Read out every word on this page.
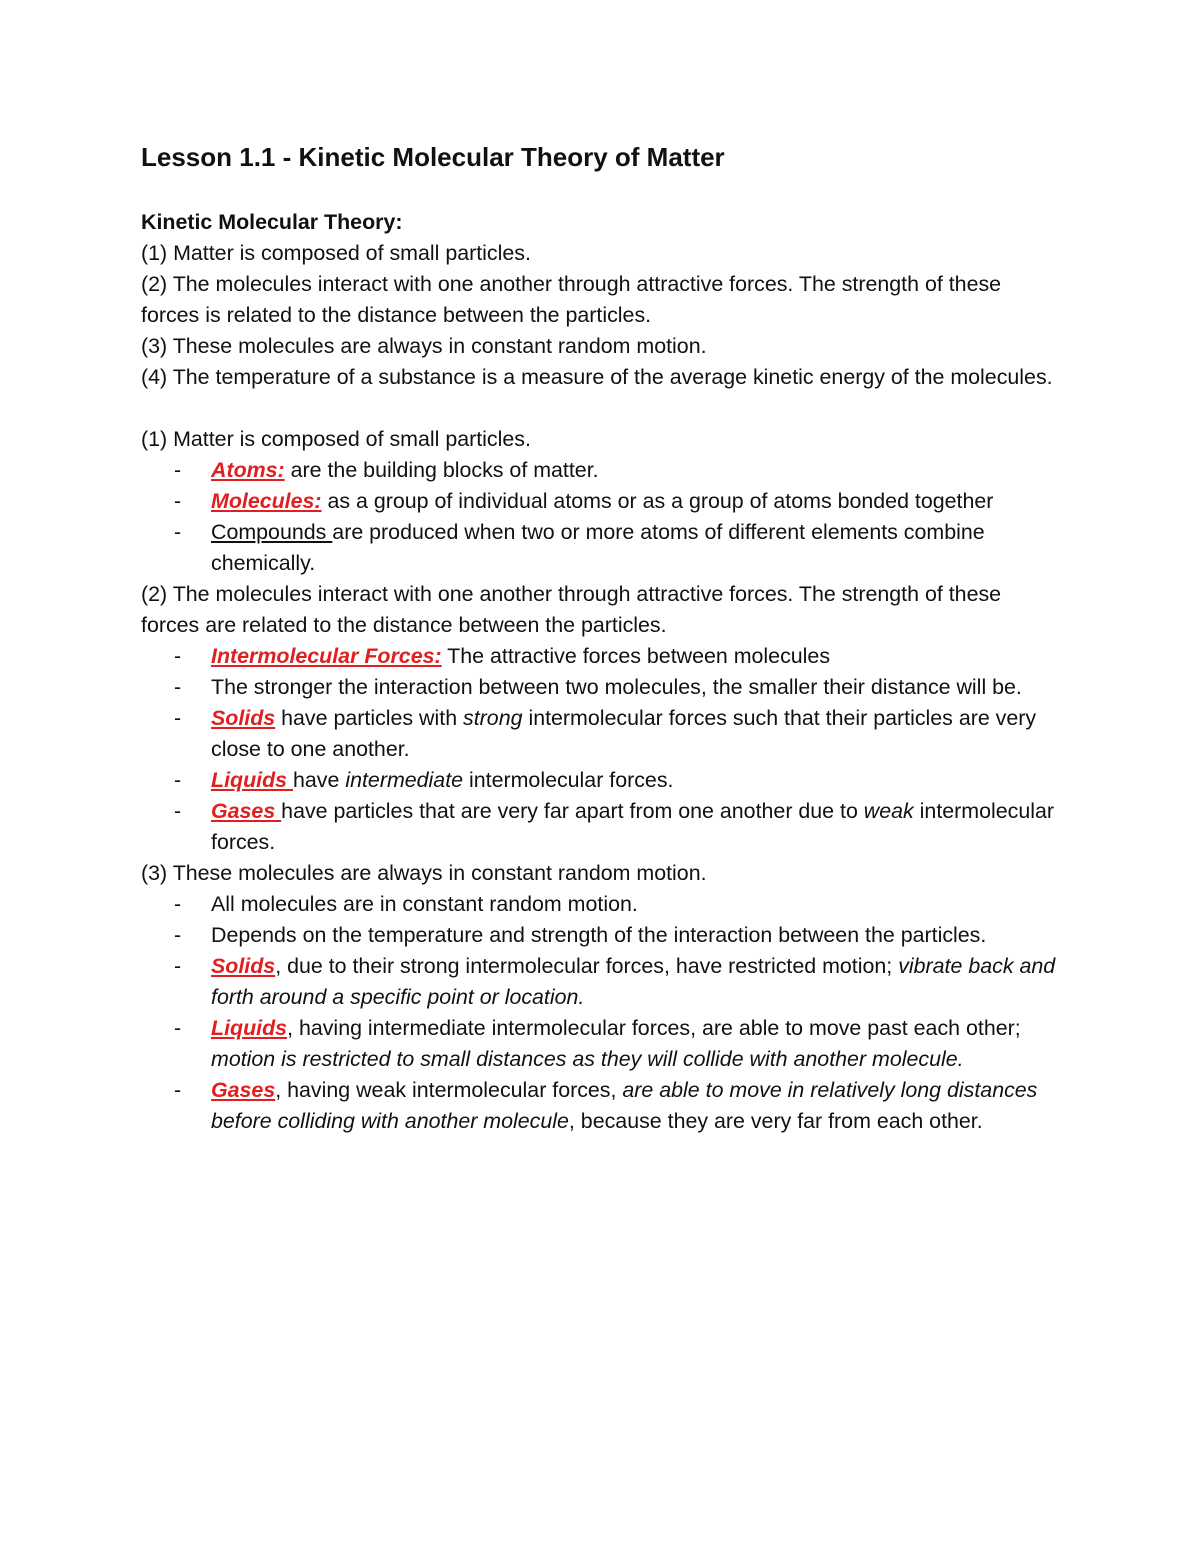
Lesson 1.1 - Kinetic Molecular Theory of Matter

Kinetic Molecular Theory:

(1) Matter is composed of small particles.

(2) The molecules interact with one another through attractive forces. The strength of these forces is related to the distance between the particles.

(3) These molecules are always in constant random motion.

(4) The temperature of a substance is a measure of the average kinetic energy of the molecules.

(1) Matter is composed of small particles.

- Atoms: are the building blocks of matter.
- Molecules: as a group of individual atoms or as a group of atoms bonded together
- Compounds are produced when two or more atoms of different elements combine chemically.

(2) The molecules interact with one another through attractive forces. The strength of these forces are related to the distance between the particles.

- Intermolecular Forces: The attractive forces between molecules
- The stronger the interaction between two molecules, the smaller their distance will be.
- Solids have particles with strong intermolecular forces such that their particles are very close to one another.
- Liquids have intermediate intermolecular forces.
- Gases have particles that are very far apart from one another due to weak intermolecular forces.

(3) These molecules are always in constant random motion.

- All molecules are in constant random motion.
- Depends on the temperature and strength of the interaction between the particles.
- Solids, due to their strong intermolecular forces, have restricted motion; vibrate back and forth around a specific point or location.
- Liquids, having intermediate intermolecular forces, are able to move past each other; motion is restricted to small distances as they will collide with another molecule.
- Gases, having weak intermolecular forces, are able to move in relatively long distances before colliding with another molecule, because they are very far from each other.
